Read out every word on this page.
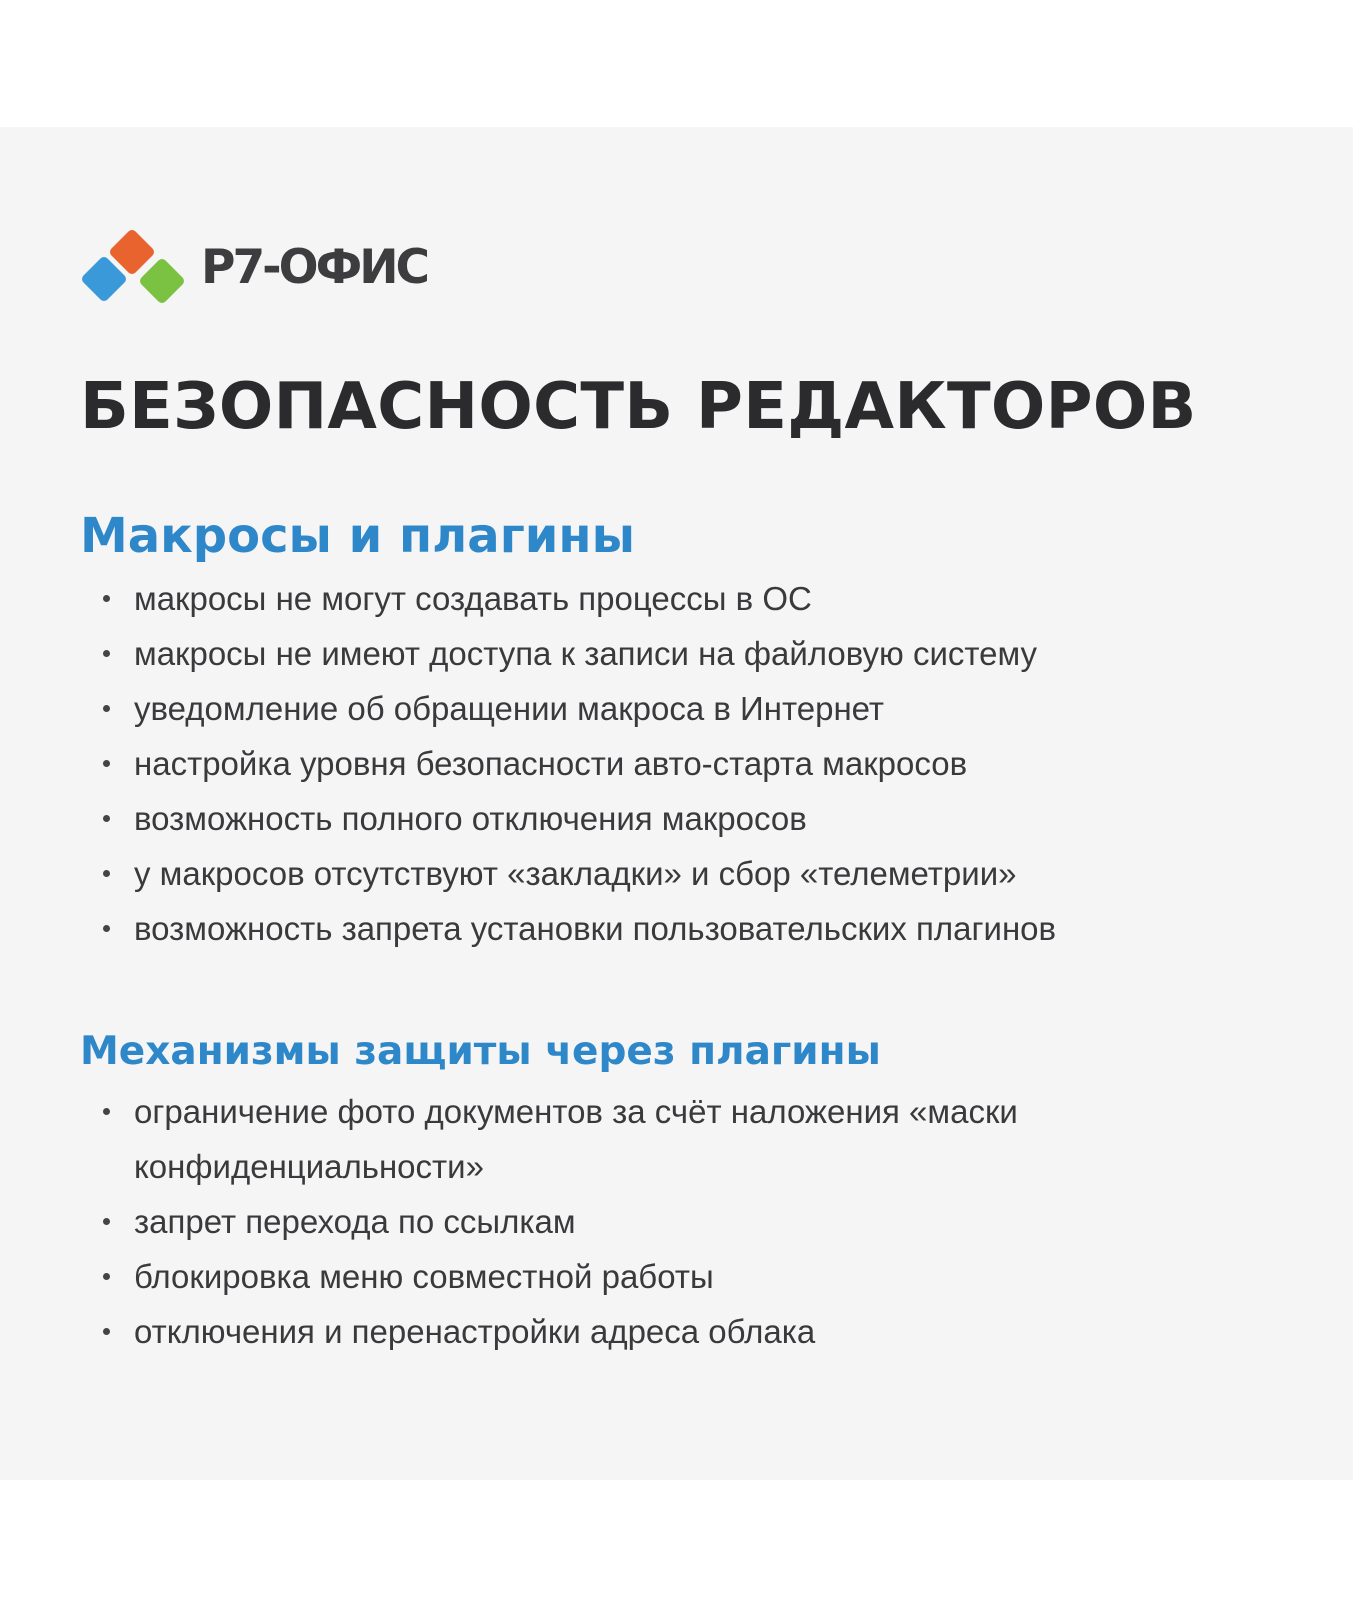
Р7-ОФИС
БЕЗОПАСНОСТЬ РЕДАКТОРОВ
Макросы и плагины
макросы не могут создавать процессы в ОС
макросы не имеют доступа к записи на файловую систему
уведомление об обращении макроса в Интернет
настройка уровня безопасности авто-старта макросов
возможность полного отключения макросов
у макросов отсутствуют «закладки» и сбор «телеметрии»
возможность запрета установки пользовательских плагинов
Механизмы защиты через плагины
ограничение фото документов за счёт наложения «маски конфиденциальности»
запрет перехода по ссылкам
блокировка меню совместной работы
отключения и перенастройки адреса облака
